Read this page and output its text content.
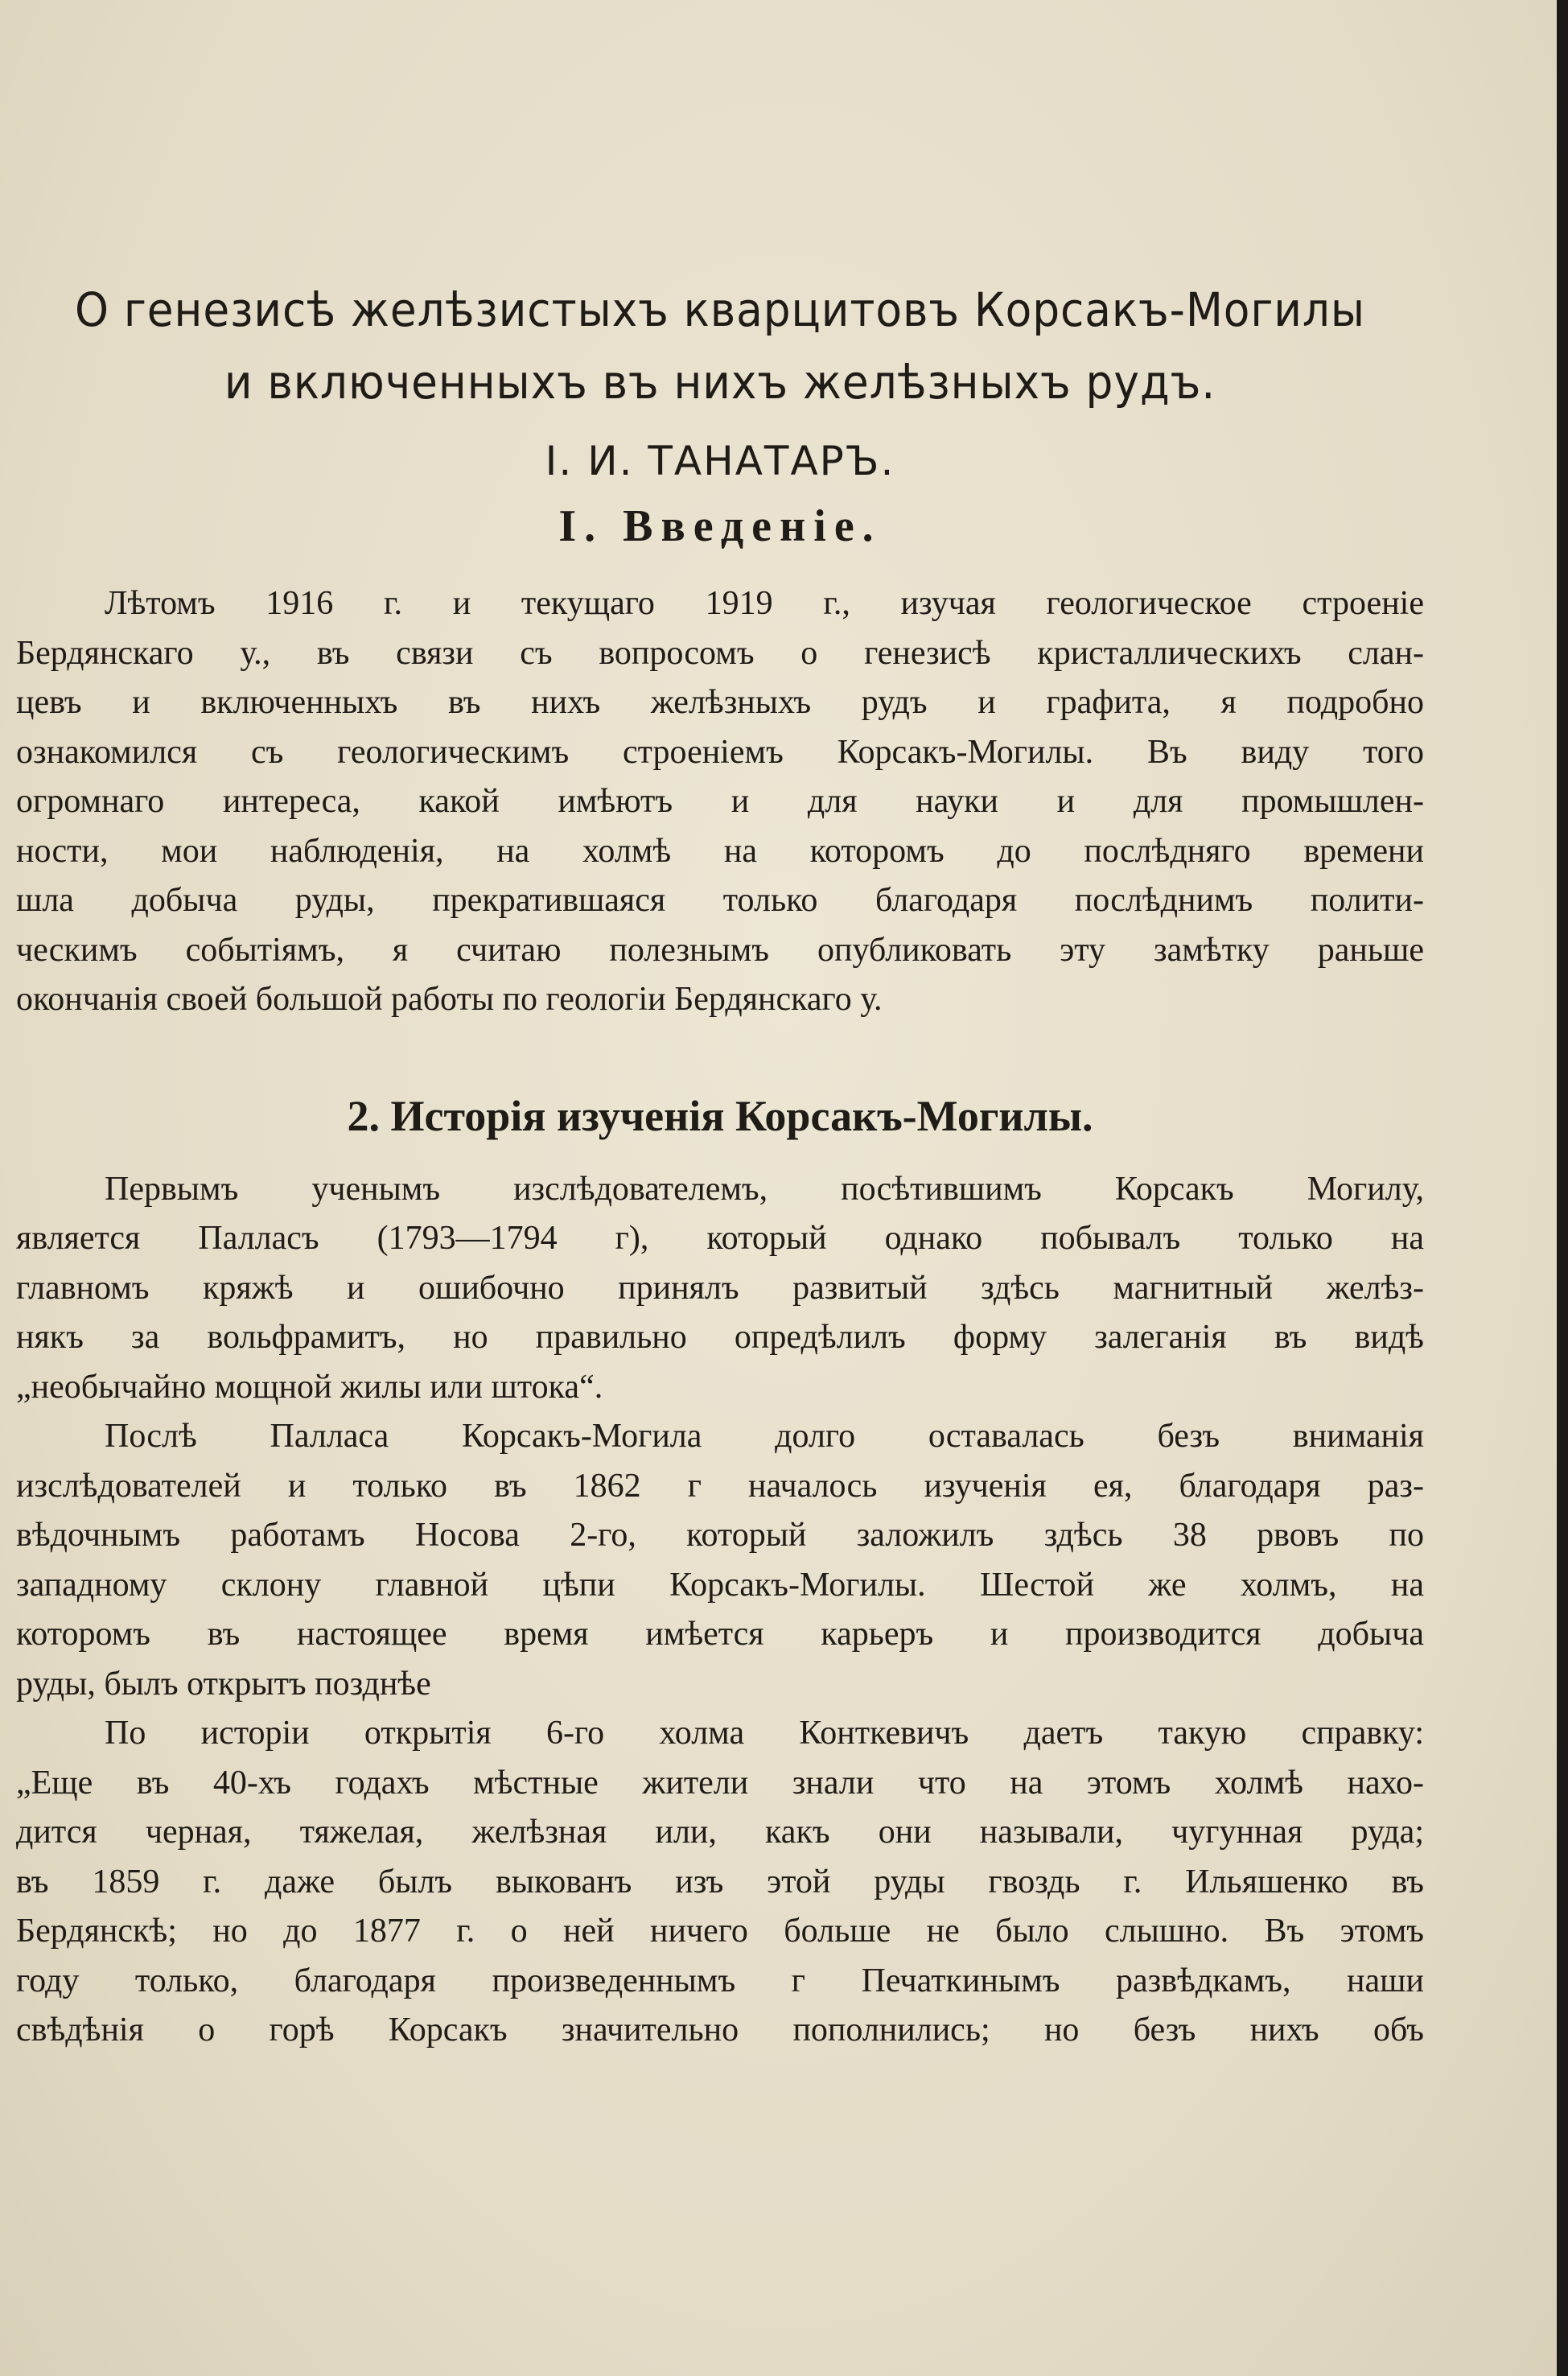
О генезисѣ желѣзистыхъ кварцитовъ Корсакъ-Могилы
и включенныхъ въ нихъ желѣзныхъ рудъ.
I. И. ТАНАТАРЪ.
I. Введеніе.
Лѣтомъ 1916 г. и текущаго 1919 г., изучая геологическое строеніе
Бердянскаго у., въ связи съ вопросомъ о генезисѣ кристаллическихъ слан-
цевъ и включенныхъ въ нихъ желѣзныхъ рудъ и графита, я подробно
ознакомился съ геологическимъ строеніемъ Корсакъ-Могилы. Въ виду того
огромнаго интереса, какой имѣютъ и для науки и для промышлен-
ности, мои наблюденія, на холмѣ на которомъ до послѣдняго времени
шла добыча руды, прекратившаяся только благодаря послѣднимъ полити-
ческимъ событіямъ, я считаю полезнымъ опубликовать эту замѣтку раньше
окончанія своей большой работы по геологіи Бердянскаго у.
2. Исторія изученія Корсакъ-Могилы.
Первымъ ученымъ изслѣдователемъ, посѣтившимъ Корсакъ Могилу,
является Палласъ (1793—1794 г), который однако побывалъ только на
главномъ кряжѣ и ошибочно принялъ развитый здѣсь магнитный желѣз-
някъ за вольфрамитъ, но правильно опредѣлилъ форму залеганія въ видѣ
„необычайно мощной жилы или штока“.
Послѣ Палласа Корсакъ-Могила долго оставалась безъ вниманія
изслѣдователей и только въ 1862 г началось изученія ея, благодаря раз-
вѣдочнымъ работамъ Носова 2-го, который заложилъ здѣсь 38 рвовъ по
западному склону главной цѣпи Корсакъ-Могилы. Шестой же холмъ, на
которомъ въ настоящее время имѣется карьеръ и производится добыча
руды, былъ открытъ позднѣе
По исторіи открытія 6-го холма Конткевичъ даетъ такую справку:
„Еще въ 40-хъ годахъ мѣстные жители знали что на этомъ холмѣ нахо-
дится черная, тяжелая, желѣзная или, какъ они называли, чугунная руда;
въ 1859 г. даже былъ выкованъ изъ этой руды гвоздь г. Ильяшенко въ
Бердянскѣ; но до 1877 г. о ней ничего больше не было слышно. Въ этомъ
году только, благодаря произведеннымъ г Печаткинымъ развѣдкамъ, наши
свѣдѣнія о горѣ Корсакъ значительно пополнились; но безъ нихъ объ
